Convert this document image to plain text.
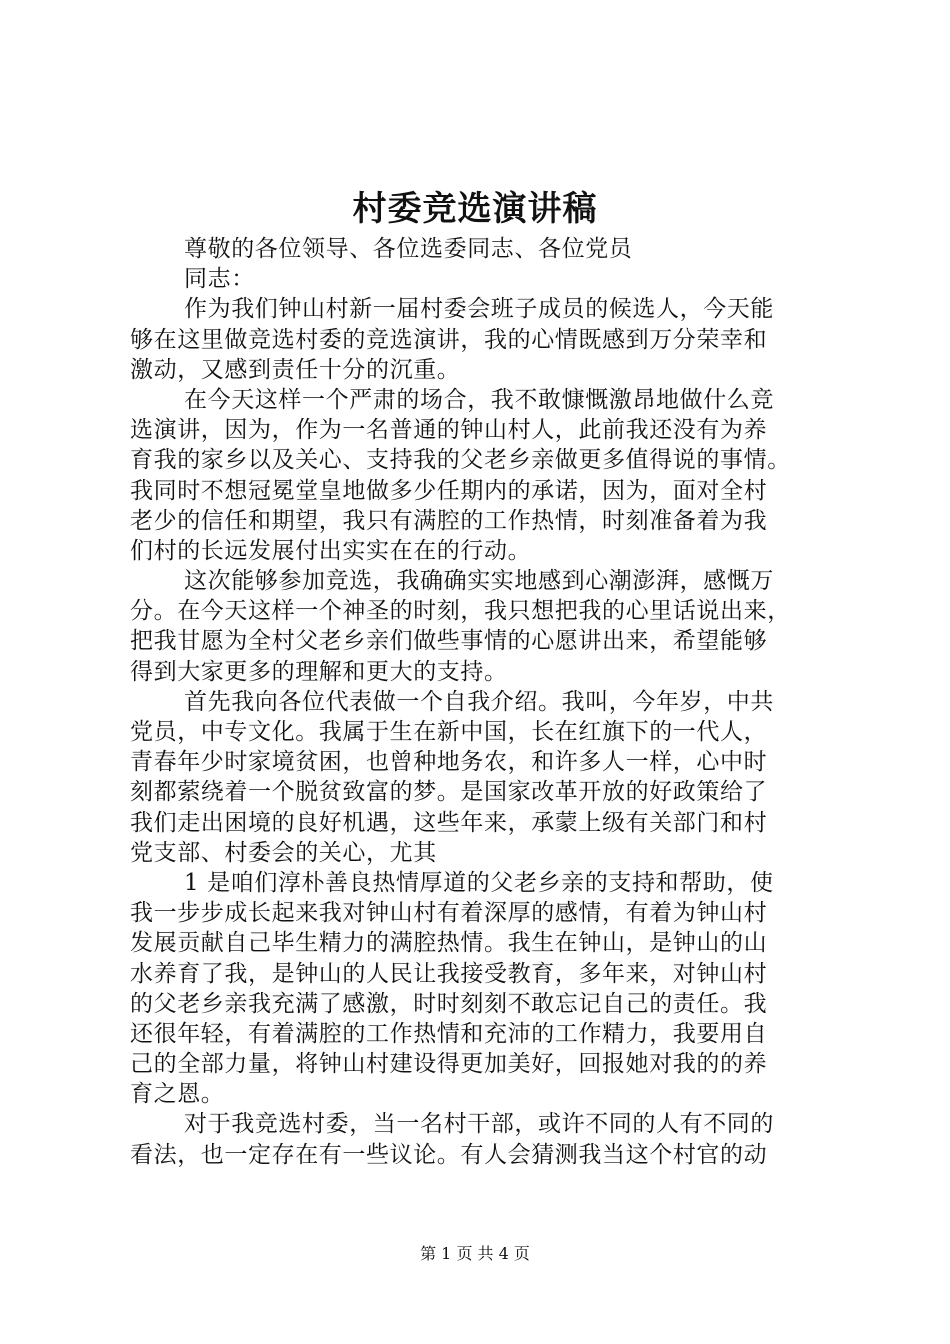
村委竞选演讲稿
尊敬的各位领导、各位选委同志、各位党员
同志：
作为我们钟山村新一届村委会班子成员的候选人，今天能
够在这里做竞选村委的竞选演讲，我的心情既感到万分荣幸和
激动，又感到责任十分的沉重。
在今天这样一个严肃的场合，我不敢慷慨激昂地做什么竞
选演讲，因为，作为一名普通的钟山村人，此前我还没有为养
育我的家乡以及关心、支持我的父老乡亲做更多值得说的事情。
我同时不想冠冕堂皇地做多少任期内的承诺，因为，面对全村
老少的信任和期望，我只有满腔的工作热情，时刻准备着为我
们村的长远发展付出实实在在的行动。
这次能够参加竞选，我确确实实地感到心潮澎湃，感慨万
分。在今天这样一个神圣的时刻，我只想把我的心里话说出来，
把我甘愿为全村父老乡亲们做些事情的心愿讲出来，希望能够
得到大家更多的理解和更大的支持。
首先我向各位代表做一个自我介绍。我叫，今年岁，中共
党员，中专文化。我属于生在新中国，长在红旗下的一代人，
青春年少时家境贫困，也曾种地务农，和许多人一样，心中时
刻都萦绕着一个脱贫致富的梦。是国家改革开放的好政策给了
我们走出困境的良好机遇，这些年来，承蒙上级有关部门和村
党支部、村委会的关心，尤其
1 是咱们淳朴善良热情厚道的父老乡亲的支持和帮助，使
我一步步成长起来我对钟山村有着深厚的感情，有着为钟山村
发展贡献自己毕生精力的满腔热情。我生在钟山，是钟山的山
水养育了我，是钟山的人民让我接受教育，多年来，对钟山村
的父老乡亲我充满了感激，时时刻刻不敢忘记自己的责任。我
还很年轻，有着满腔的工作热情和充沛的工作精力，我要用自
己的全部力量，将钟山村建设得更加美好，回报她对我的的养
育之恩。
对于我竞选村委，当一名村干部，或许不同的人有不同的
看法，也一定存在有一些议论。有人会猜测我当这个村官的动
第 1 页 共 4 页
